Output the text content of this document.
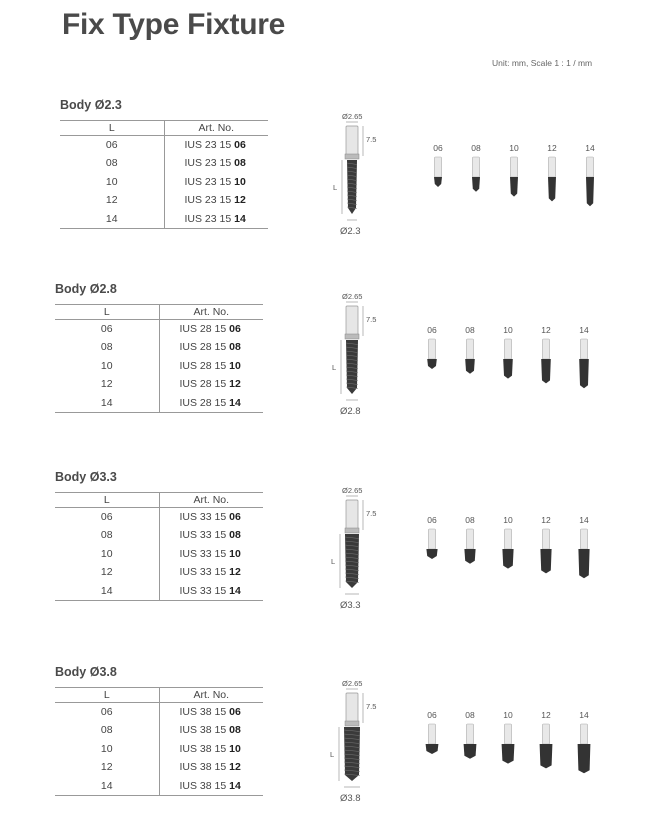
Fix Type Fixture
Unit: mm, Scale 1 : 1 / mm
Body Ø2.3
L	Art. No.
06	IUS 23 15 06
08	IUS 23 15 08
10	IUS 23 15 10
12	IUS 23 15 12
14	IUS 23 15 14
Ø2.65
7.5
L
Ø2.3
06	08	10	12	14
Body Ø2.8
L	Art. No.
06	IUS 28 15 06
08	IUS 28 15 08
10	IUS 28 15 10
12	IUS 28 15 12
14	IUS 28 15 14
Ø2.65
7.5
L
Ø2.8
06	08	10	12	14
Body Ø3.3
L	Art. No.
06	IUS 33 15 06
08	IUS 33 15 08
10	IUS 33 15 10
12	IUS 33 15 12
14	IUS 33 15 14
Ø2.65
7.5
L
Ø3.3
06	08	10	12	14
Body Ø3.8
L	Art. No.
06	IUS 38 15 06
08	IUS 38 15 08
10	IUS 38 15 10
12	IUS 38 15 12
14	IUS 38 15 14
Ø2.65
7.5
L
Ø3.8
06	08	10	12	14
